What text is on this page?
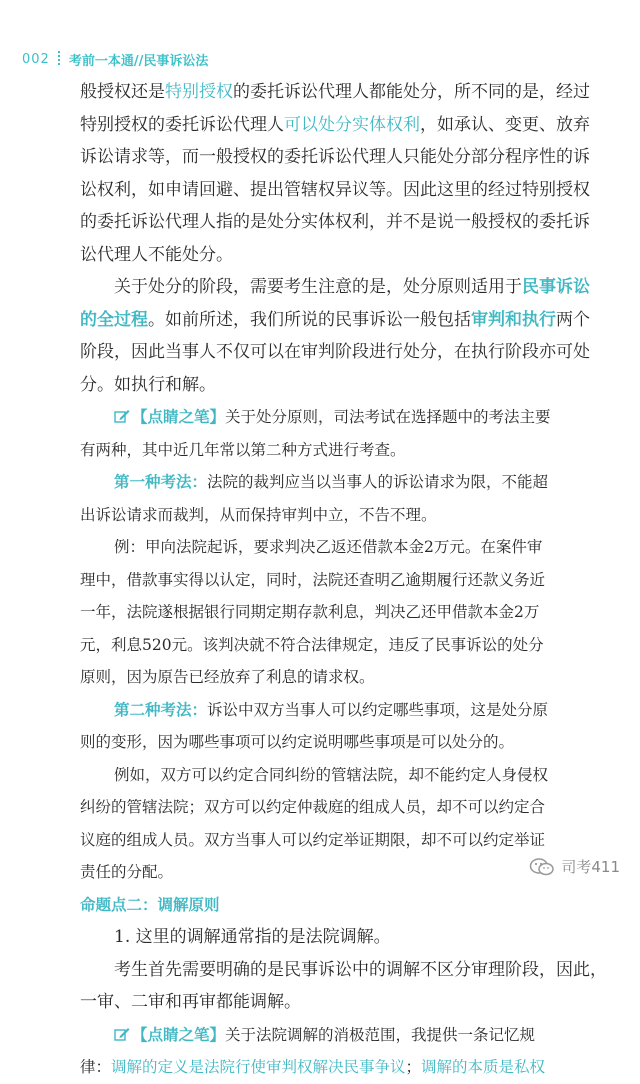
002 考前一本通//民事诉讼法
般授权还是特别授权的委托诉讼代理人都能处分，所不同的是，经过
特别授权的委托诉讼代理人可以处分实体权利，如承认、变更、放弃
诉讼请求等，而一般授权的委托诉讼代理人只能处分部分程序性的诉
讼权利，如申请回避、提出管辖权异议等。因此这里的经过特别授权
的委托诉讼代理人指的是处分实体权利，并不是说一般授权的委托诉
讼代理人不能处分。
关于处分的阶段，需要考生注意的是，处分原则适用于民事诉讼
的全过程。如前所述，我们所说的民事诉讼一般包括审判和执行两个
阶段，因此当事人不仅可以在审判阶段进行处分，在执行阶段亦可处
分。如执行和解。
【点睛之笔】关于处分原则，司法考试在选择题中的考法主要
有两种，其中近几年常以第二种方式进行考查。
第一种考法：法院的裁判应当以当事人的诉讼请求为限，不能超
出诉讼请求而裁判，从而保持审判中立，不告不理。
例：甲向法院起诉，要求判决乙返还借款本金2万元。在案件审
理中，借款事实得以认定，同时，法院还查明乙逾期履行还款义务近
一年，法院遂根据银行同期定期存款利息，判决乙还甲借款本金2万
元，利息520元。该判决就不符合法律规定，违反了民事诉讼的处分
原则，因为原告已经放弃了利息的请求权。
第二种考法：诉讼中双方当事人可以约定哪些事项，这是处分原
则的变形，因为哪些事项可以约定说明哪些事项是可以处分的。
例如，双方可以约定合同纠纷的管辖法院，却不能约定人身侵权
纠纷的管辖法院；双方可以约定仲裁庭的组成人员，却不可以约定合
议庭的组成人员。双方当事人可以约定举证期限，却不可以约定举证
责任的分配。
命题点二：调解原则
1. 这里的调解通常指的是法院调解。
考生首先需要明确的是民事诉讼中的调解不区分审理阶段，因此，
一审、二审和再审都能调解。
【点睛之笔】关于法院调解的消极范围，我提供一条记忆规
律：调解的定义是法院行使审判权解决民事争议；调解的本质是私权
司考411
